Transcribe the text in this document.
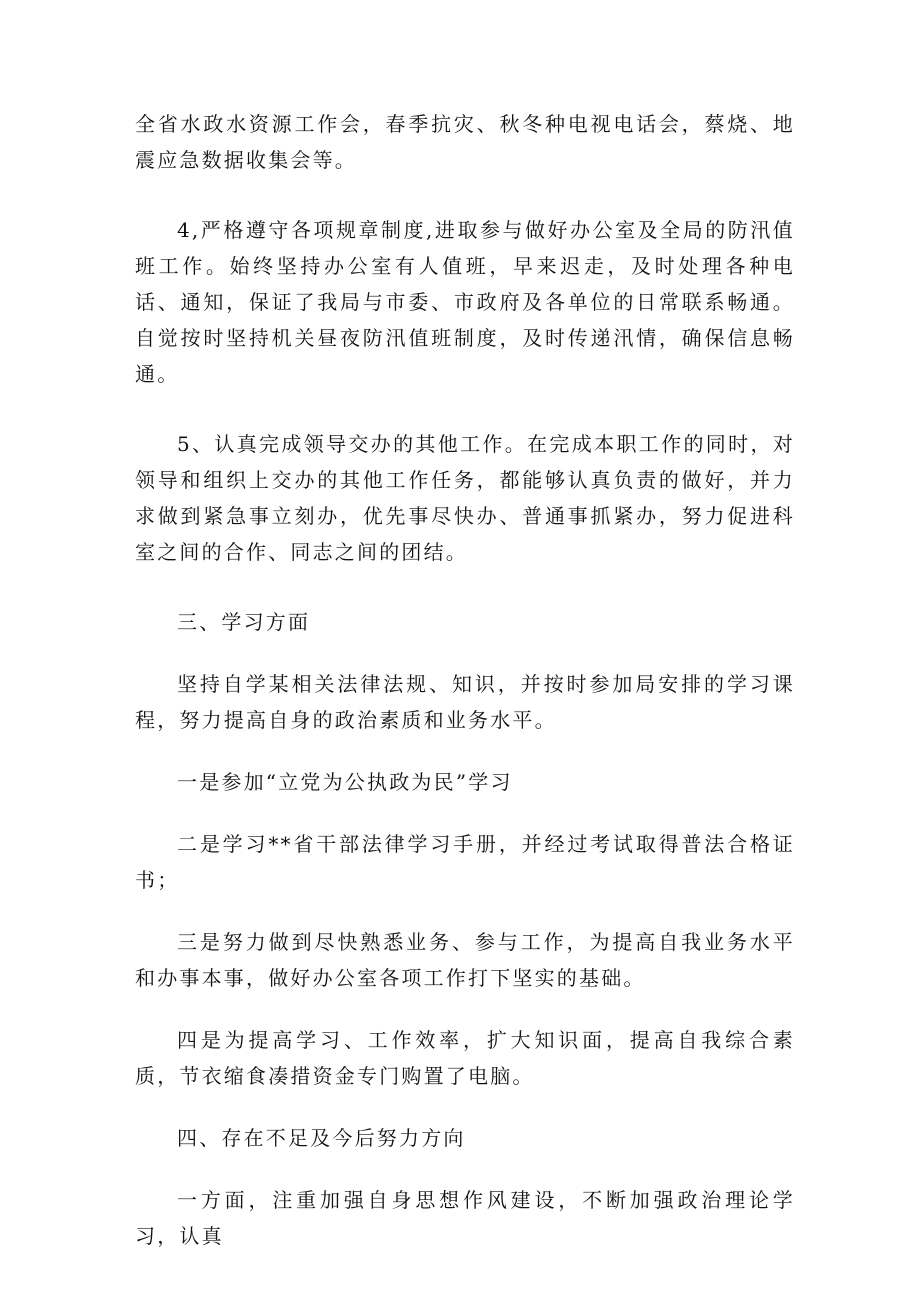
全省水政水资源工作会，春季抗灾、秋冬种电视电话会，蔡烧、地震应急数据收集会等。

4,严格遵守各项规章制度,进取参与做好办公室及全局的防汛值班工作。始终坚持办公室有人值班，早来迟走，及时处理各种电话、通知，保证了我局与市委、市政府及各单位的日常联系畅通。自觉按时坚持机关昼夜防汛值班制度，及时传递汛情，确保信息畅通。

5、认真完成领导交办的其他工作。在完成本职工作的同时，对领导和组织上交办的其他工作任务，都能够认真负责的做好，并力求做到紧急事立刻办，优先事尽快办、普通事抓紧办，努力促进科室之间的合作、同志之间的团结。

三、学习方面

坚持自学某相关法律法规、知识，并按时参加局安排的学习课程，努力提高自身的政治素质和业务水平。

一是参加“立党为公执政为民”学习

二是学习**省干部法律学习手册，并经过考试取得普法合格证书；

三是努力做到尽快熟悉业务、参与工作，为提高自我业务水平和办事本事，做好办公室各项工作打下坚实的基础。

四是为提高学习、工作效率，扩大知识面，提高自我综合素质，节衣缩食凑措资金专门购置了电脑。

四、存在不足及今后努力方向

一方面，注重加强自身思想作风建设，不断加强政治理论学习，认真
